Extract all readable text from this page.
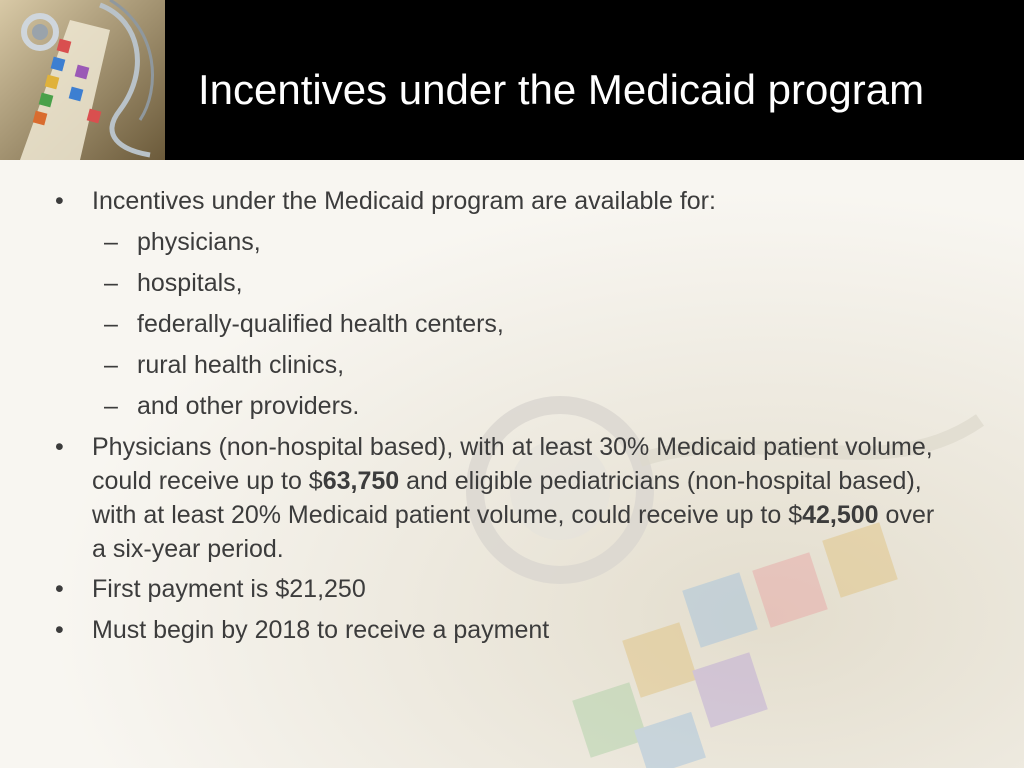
Incentives under the Medicaid program
• Incentives under the Medicaid program are available for:
– physicians,
– hospitals,
– federally-qualified health centers,
– rural health clinics,
– and other providers.
• Physicians (non-hospital based), with at least 30% Medicaid patient volume, could receive up to $63,750 and eligible pediatricians (non-hospital based), with at least 20% Medicaid patient volume, could receive up to $42,500 over a six-year period.
• First payment is $21,250
• Must begin by 2018 to receive a payment
